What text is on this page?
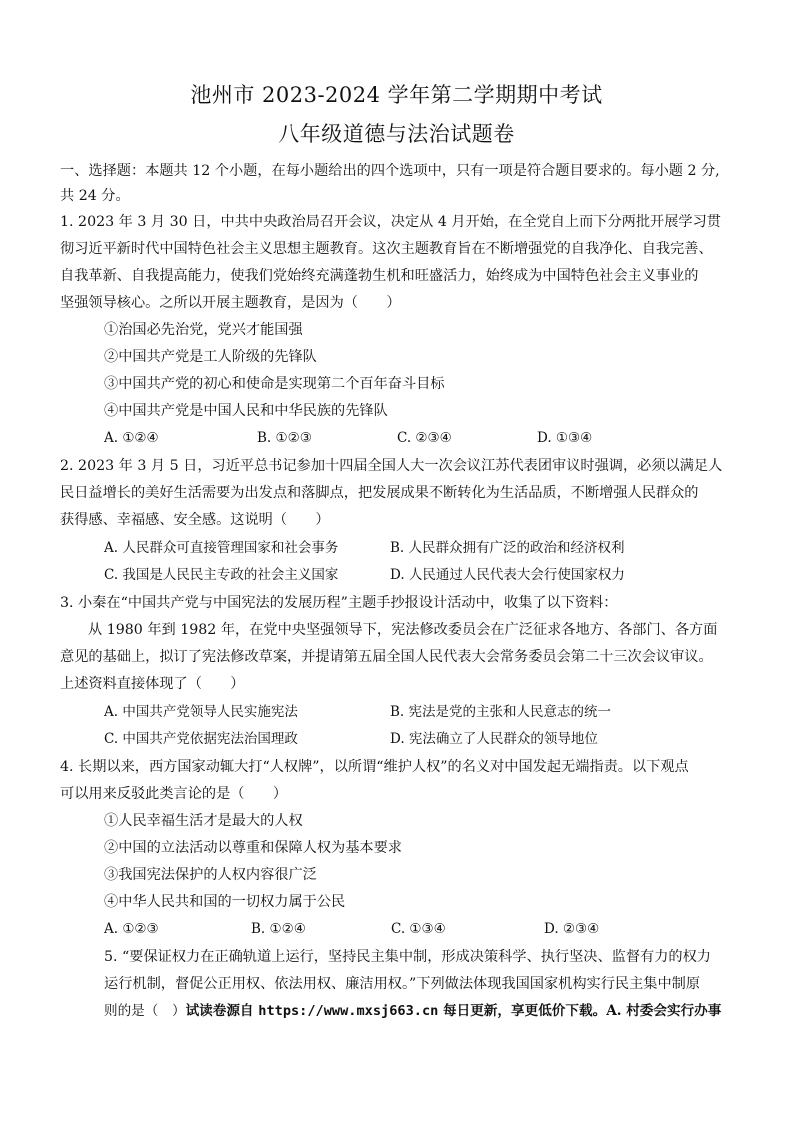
池州市 2023-2024 学年第二学期期中考试
八年级道德与法治试题卷
一、选择题：本题共 12 个小题，在每小题给出的四个选项中，只有一项是符合题目要求的。每小题 2 分,
共 24 分。
1. 2023 年 3 月 30 日，中共中央政治局召开会议，决定从 4 月开始，在全党自上而下分两批开展学习贯
彻习近平新时代中国特色社会主义思想主题教育。这次主题教育旨在不断增强党的自我净化、自我完善、
自我革新、自我提高能力，使我们党始终充满蓬勃生机和旺盛活力，始终成为中国特色社会主义事业的
坚强领导核心。之所以开展主题教育，是因为（　　）
①治国必先治党，党兴才能国强
②中国共产党是工人阶级的先锋队
③中国共产党的初心和使命是实现第二个百年奋斗目标
④中国共产党是中国人民和中华民族的先锋队
A. ①②④	B. ①②③	C. ②③④	D. ①③④
2. 2023 年 3 月 5 日，习近平总书记参加十四届全国人大一次会议江苏代表团审议时强调，必须以满足人
民日益增长的美好生活需要为出发点和落脚点，把发展成果不断转化为生活品质，不断增强人民群众的
获得感、幸福感、安全感。这说明（　　）
A. 人民群众可直接管理国家和社会事务	B. 人民群众拥有广泛的政治和经济权利
C. 我国是人民民主专政的社会主义国家	D. 人民通过人民代表大会行使国家权力
3. 小秦在“中国共产党与中国宪法的发展历程”主题手抄报设计活动中，收集了以下资料：
从 1980 年到 1982 年，在党中央坚强领导下，宪法修改委员会在广泛征求各地方、各部门、各方面
意见的基础上，拟订了宪法修改草案，并提请第五届全国人民代表大会常务委员会第二十三次会议审议。
上述资料直接体现了（　　）
A. 中国共产党领导人民实施宪法	B. 宪法是党的主张和人民意志的统一
C. 中国共产党依据宪法治国理政	D. 宪法确立了人民群众的领导地位
4. 长期以来，西方国家动辄大打“人权牌”，以所谓“维护人权”的名义对中国发起无端指责。以下观点
可以用来反驳此类言论的是（　　）
①人民幸福生活才是最大的人权
②中国的立法活动以尊重和保障人权为基本要求
③我国宪法保护的人权内容很广泛
④中华人民共和国的一切权力属于公民
A. ①②③	B. ①②④	C. ①③④	D. ②③④
5. “要保证权力在正确轨道上运行，坚持民主集中制，形成决策科学、执行坚决、监督有力的权力
运行机制，督促公正用权、依法用权、廉洁用权。”下列做法体现我国国家机构实行民主集中制原
则的是（　）试读卷源自 https://www.mxsj663.cn 每日更新，享更低价下载。A. 村委会实行办事
